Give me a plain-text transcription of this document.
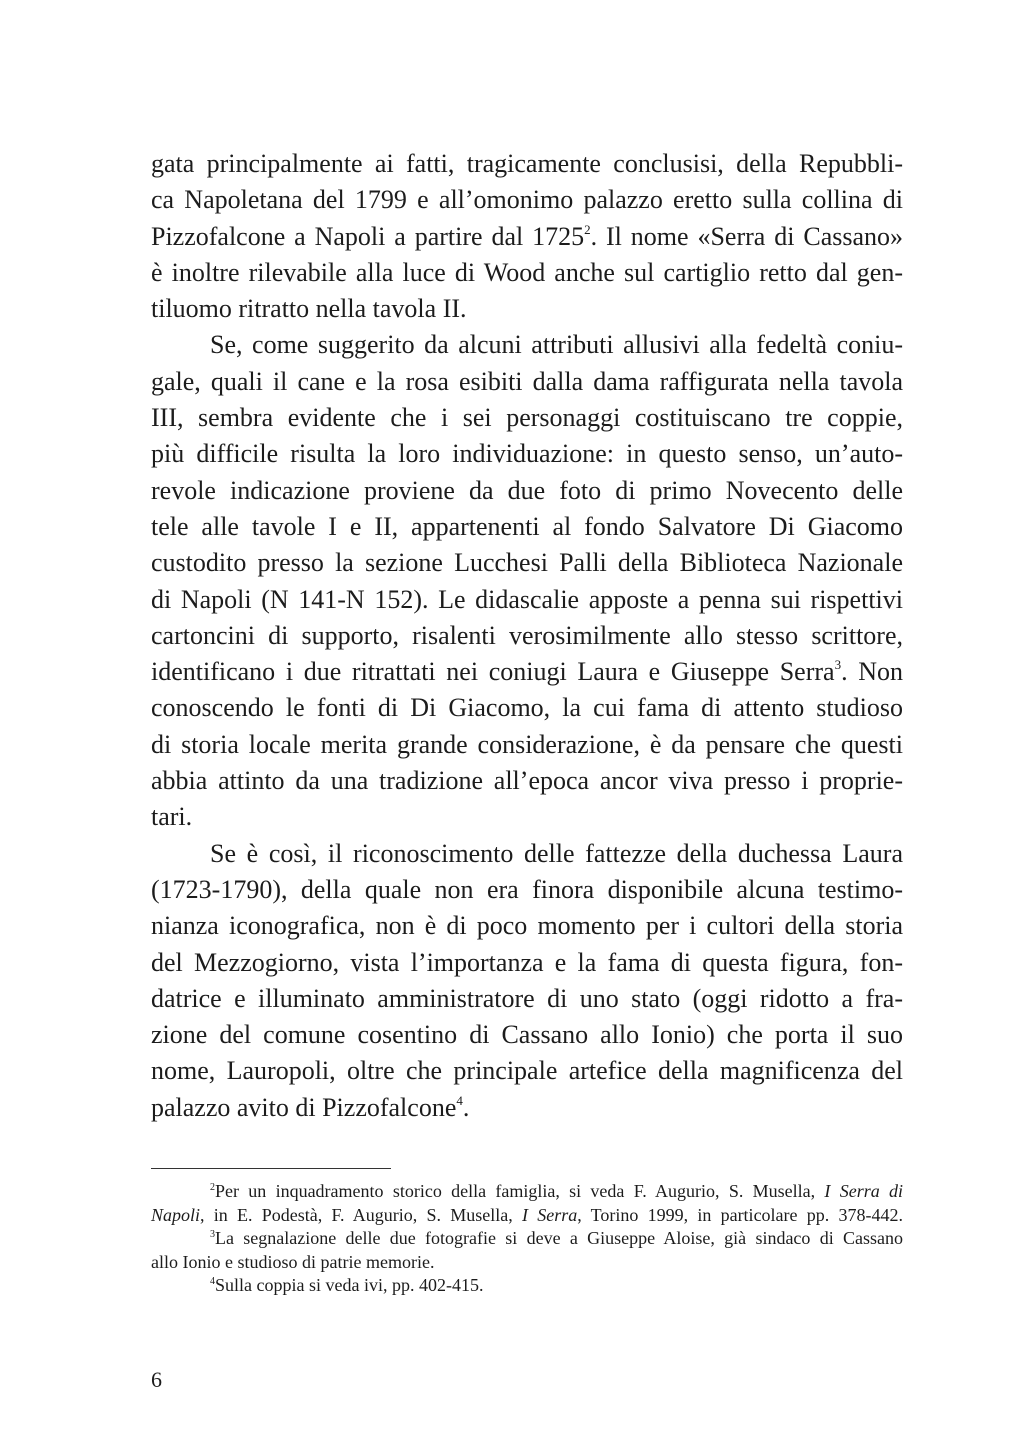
gata principalmente ai fatti, tragicamente conclusisi, della Repubbli-
ca Napoletana del 1799 e all’omonimo palazzo eretto sulla collina di
Pizzofalcone a Napoli a partire dal 1725$^2$. Il nome «Serra di Cassano»
è inoltre rilevabile alla luce di Wood anche sul cartiglio retto dal gen-
tiluomo ritratto nella tavola II.
Se, come suggerito da alcuni attributi allusivi alla fedeltà coniu-
gale, quali il cane e la rosa esibiti dalla dama raffigurata nella tavola
III, sembra evidente che i sei personaggi costituiscano tre coppie,
più difficile risulta la loro individuazione: in questo senso, un’auto-
revole indicazione proviene da due foto di primo Novecento delle
tele alle tavole I e II, appartenenti al fondo Salvatore Di Giacomo
custodito presso la sezione Lucchesi Palli della Biblioteca Nazionale
di Napoli (N 141-N 152). Le didascalie apposte a penna sui rispettivi
cartoncini di supporto, risalenti verosimilmente allo stesso scrittore,
identificano i due ritrattati nei coniugi Laura e Giuseppe Serra$^3$. Non
conoscendo le fonti di Di Giacomo, la cui fama di attento studioso
di storia locale merita grande considerazione, è da pensare che questi
abbia attinto da una tradizione all’epoca ancor viva presso i proprie-
tari.
Se è così, il riconoscimento delle fattezze della duchessa Laura
(1723-1790), della quale non era finora disponibile alcuna testimo-
nianza iconografica, non è di poco momento per i cultori della storia
del Mezzogiorno, vista l’importanza e la fama di questa figura, fon-
datrice e illuminato amministratore di uno stato (oggi ridotto a fra-
zione del comune cosentino di Cassano allo Ionio) che porta il suo
nome, Lauropoli, oltre che principale artefice della magnificenza del
palazzo avito di Pizzofalcone$^4$.
$^2$Per un inquadramento storico della famiglia, si veda F. Augurio, S. Musella, I Serra di
Napoli, in E. Podestà, F. Augurio, S. Musella, I Serra, Torino 1999, in particolare pp. 378-442.
$^3$La segnalazione delle due fotografie si deve a Giuseppe Aloise, già sindaco di Cassano
allo Ionio e studioso di patrie memorie.
$^4$Sulla coppia si veda ivi, pp. 402-415.
6
